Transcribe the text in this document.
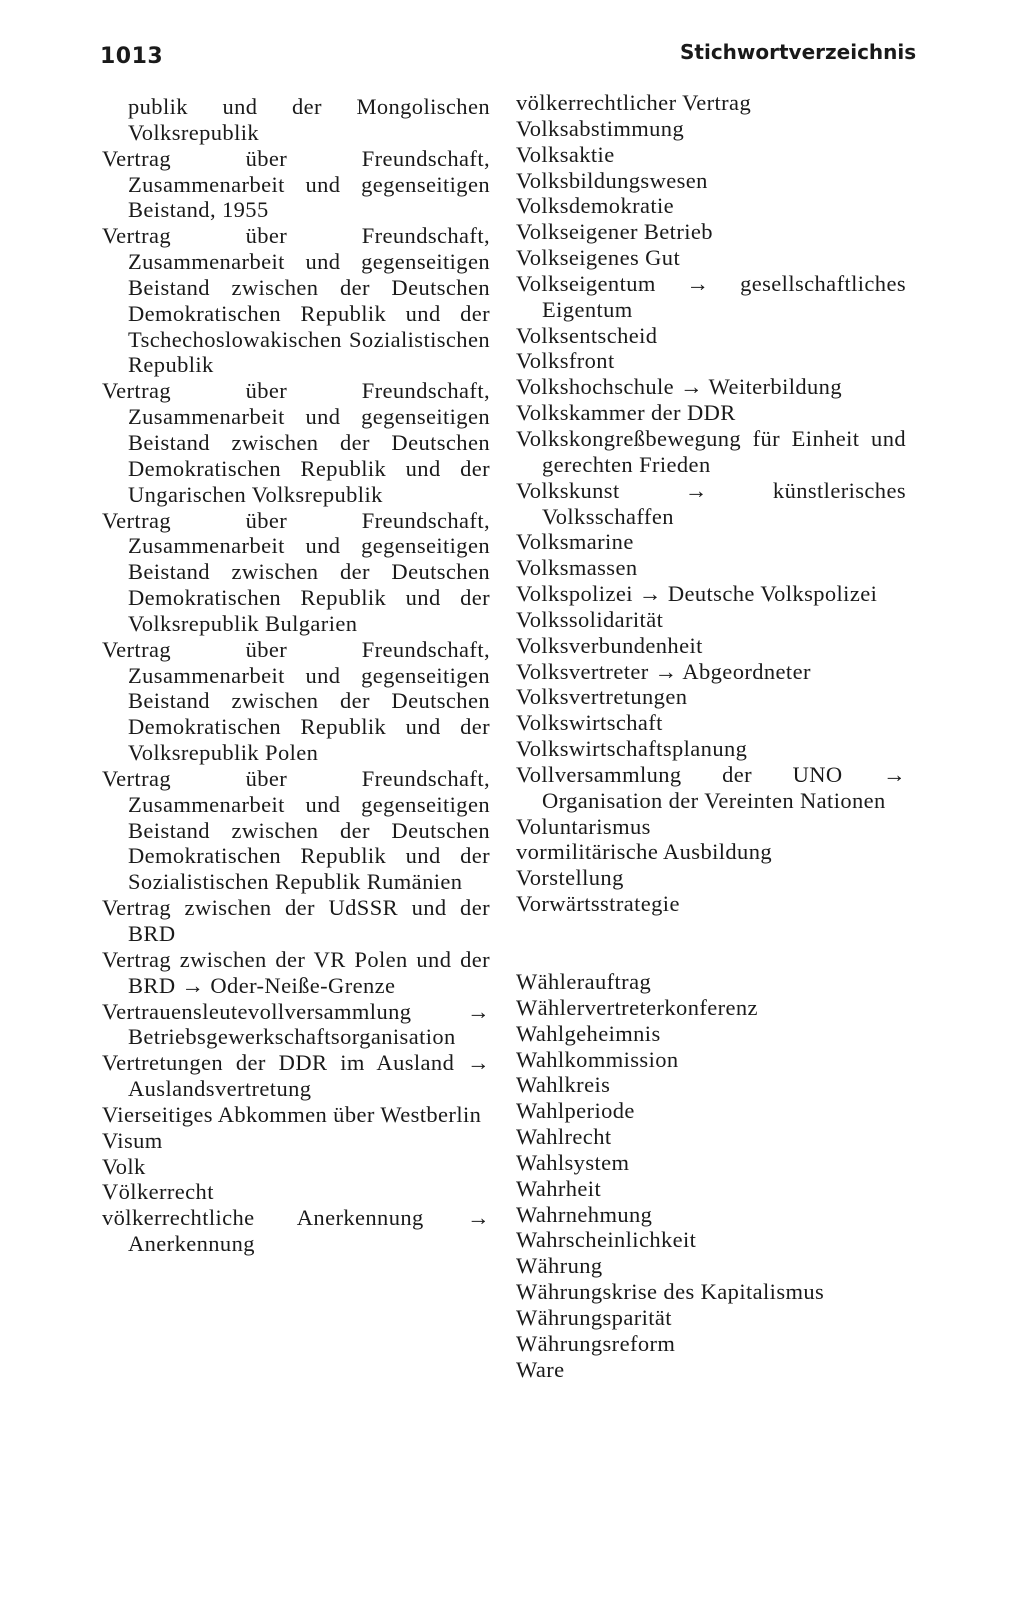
1013	Stichwortverzeichnis
publik und der Mongolischen Volksrepublik
Vertrag über Freundschaft, Zusammenarbeit und gegenseitigen Beistand, 1955
Vertrag über Freundschaft, Zusammenarbeit und gegenseitigen Beistand zwischen der Deutschen Demokratischen Republik und der Tschechoslowakischen Sozialistischen Republik
Vertrag über Freundschaft, Zusammenarbeit und gegenseitigen Beistand zwischen der Deutschen Demokratischen Republik und der Ungarischen Volksrepublik
Vertrag über Freundschaft, Zusammenarbeit und gegenseitigen Beistand zwischen der Deutschen Demokratischen Republik und der Volksrepublik Bulgarien
Vertrag über Freundschaft, Zusammenarbeit und gegenseitigen Beistand zwischen der Deutschen Demokratischen Republik und der Volksrepublik Polen
Vertrag über Freundschaft, Zusammenarbeit und gegenseitigen Beistand zwischen der Deutschen Demokratischen Republik und der Sozialistischen Republik Rumänien
Vertrag zwischen der UdSSR und der BRD
Vertrag zwischen der VR Polen und der BRD → Oder-Neiße-Grenze
Vertrauensleutevollversammlung → Betriebsgewerkschaftsorganisation
Vertretungen der DDR im Ausland → Auslandsvertretung
Vierseitiges Abkommen über Westberlin
Visum
Volk
Völkerrecht
völkerrechtliche Anerkennung → Anerkennung
völkerrechtlicher Vertrag
Volksabstimmung
Volksaktie
Volksbildungswesen
Volksdemokratie
Volkseigener Betrieb
Volkseigenes Gut
Volkseigentum → gesellschaftliches Eigentum
Volksentscheid
Volksfront
Volkshochschule → Weiterbildung
Volkskammer der DDR
Volkskongreßbewegung für Einheit und gerechten Frieden
Volkskunst → künstlerisches Volksschaffen
Volksmarine
Volksmassen
Volkspolizei → Deutsche Volkspolizei
Volkssolidarität
Volksverbundenheit
Volksvertreter → Abgeordneter
Volksvertretungen
Volkswirtschaft
Volkswirtschaftsplanung
Vollversammlung der UNO → Organisation der Vereinten Nationen
Voluntarismus
vormilitärische Ausbildung
Vorstellung
Vorwärtsstrategie
Wählerauftrag
Wählervertreterkonferenz
Wahlgeheimnis
Wahlkommission
Wahlkreis
Wahlperiode
Wahlrecht
Wahlsystem
Wahrheit
Wahrnehmung
Wahrscheinlichkeit
Währung
Währungskrise des Kapitalismus
Währungsparität
Währungsreform
Ware
